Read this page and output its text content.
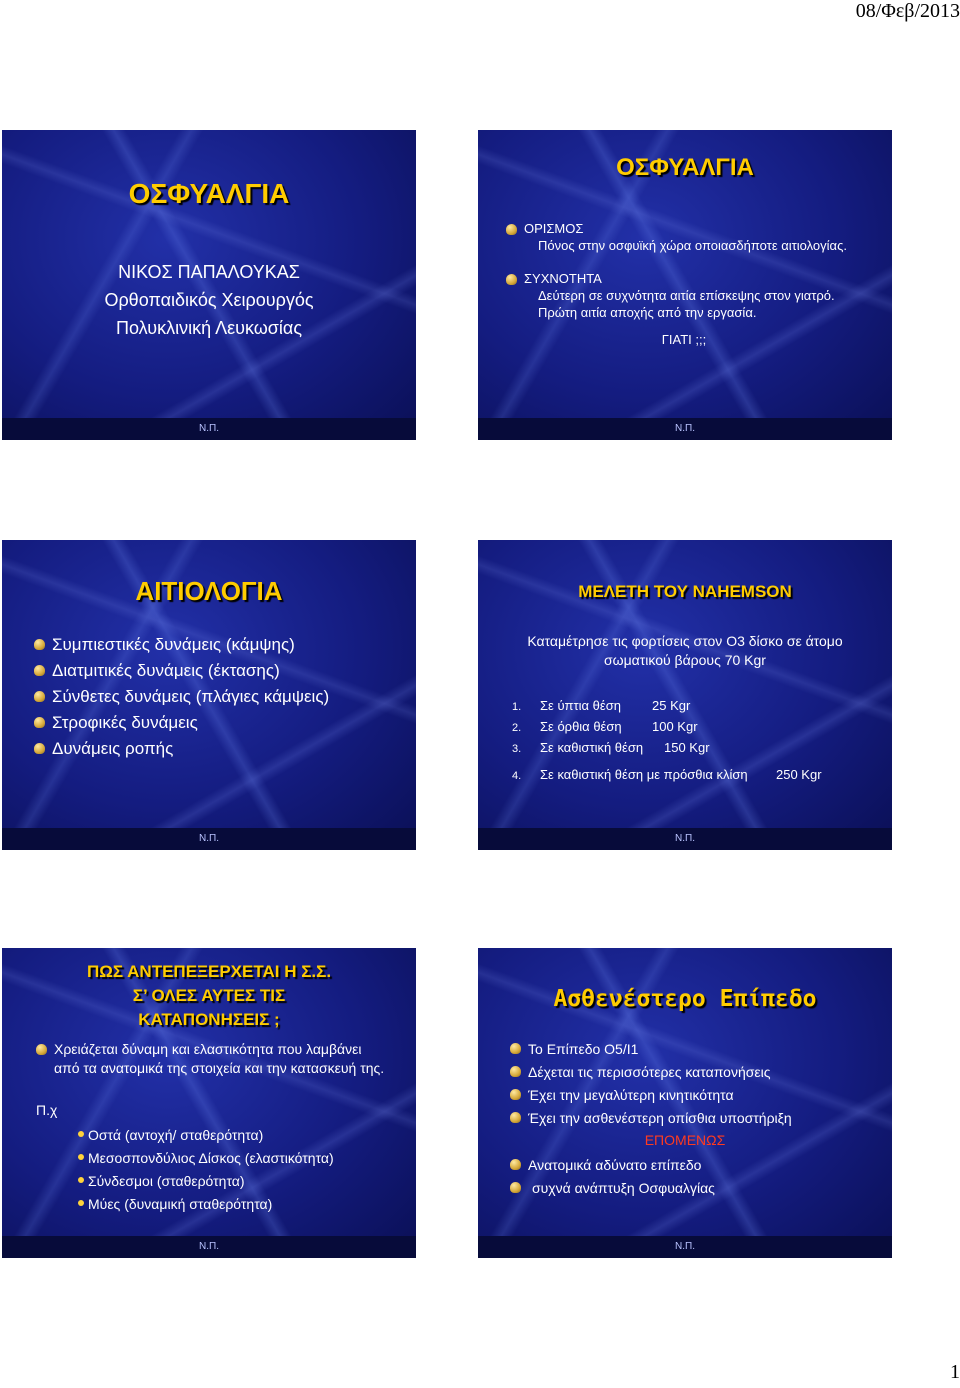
08/Φεβ/2013
ΟΣΦΥΑΛΓΙΑ
ΝΙΚΟΣ ΠΑΠΑΛΟΥΚΑΣ
Ορθοπαιδικός Χειρουργός
Πολυκλινική Λευκωσίας
Ν.Π.
ΟΣΦΥΑΛΓΙΑ
ΟΡΙΣΜΟΣ
Πόνος στην οσφυϊκή χώρα οποιασδήποτε αιτιολογίας.
ΣΥΧΝΟΤΗΤΑ
Δεύτερη σε συχνότητα αιτία επίσκεψης στον γιατρό.
Πρώτη αιτία αποχής από την εργασία.
ΓΙΑΤΙ ;;;
Ν.Π.
ΑΙΤΙΟΛΟΓΙΑ
Συμπιεστικές δυνάμεις (κάμψης)
Διατμιτικές δυνάμεις (έκτασης)
Σύνθετες δυνάμεις (πλάγιες κάμψεις)
Στροφικές δυνάμεις
Δυνάμεις ροπής
Ν.Π.
ΜΕΛΕΤΗ ΤΟΥ NAHEMSON
Καταμέτρησε τις φορτίσεις στον Ο3 δίσκο σε άτομο σωματικού βάρους 70 Kgr
1. Σε ύπτια θέση 25 Kgr
2. Σε όρθια θέση 100 Kgr
3. Σε καθιστική θέση 150 Kgr
4. Σε καθιστική θέση με πρόσθια κλίση 250 Kgr
Ν.Π.
ΠΩΣ ΑΝΤΕΠΕΞΕΡΧΕΤΑΙ Η Σ.Σ.
Σ’ ΟΛΕΣ ΑΥΤΕΣ ΤΙΣ
ΚΑΤΑΠΟΝΗΣΕΙΣ ;
Χρειάζεται δύναμη και ελαστικότητα που λαμβάνει από τα ανατομικά της στοιχεία και την κατασκευή της.
Π.χ
Οστά (αντοχή/ σταθερότητα)
Μεσοσπονδύλιος Δίσκος (ελαστικότητα)
Σύνδεσμοι (σταθερότητα)
Μύες (δυναμική σταθερότητα)
Ν.Π.
Ασθενέστερο Επίπεδο
Το Επίπεδο Ο5/Ι1
Δέχεται τις περισσότερες καταπονήσεις
Έχει την μεγαλύτερη κινητικότητα
Έχει την ασθενέστερη οπίσθια υποστήριξη
ΕΠΟΜΕΝΩΣ
Ανατομικά αδύνατο επίπεδο
συχνά ανάπτυξη Οσφυαλγίας
Ν.Π.
1
